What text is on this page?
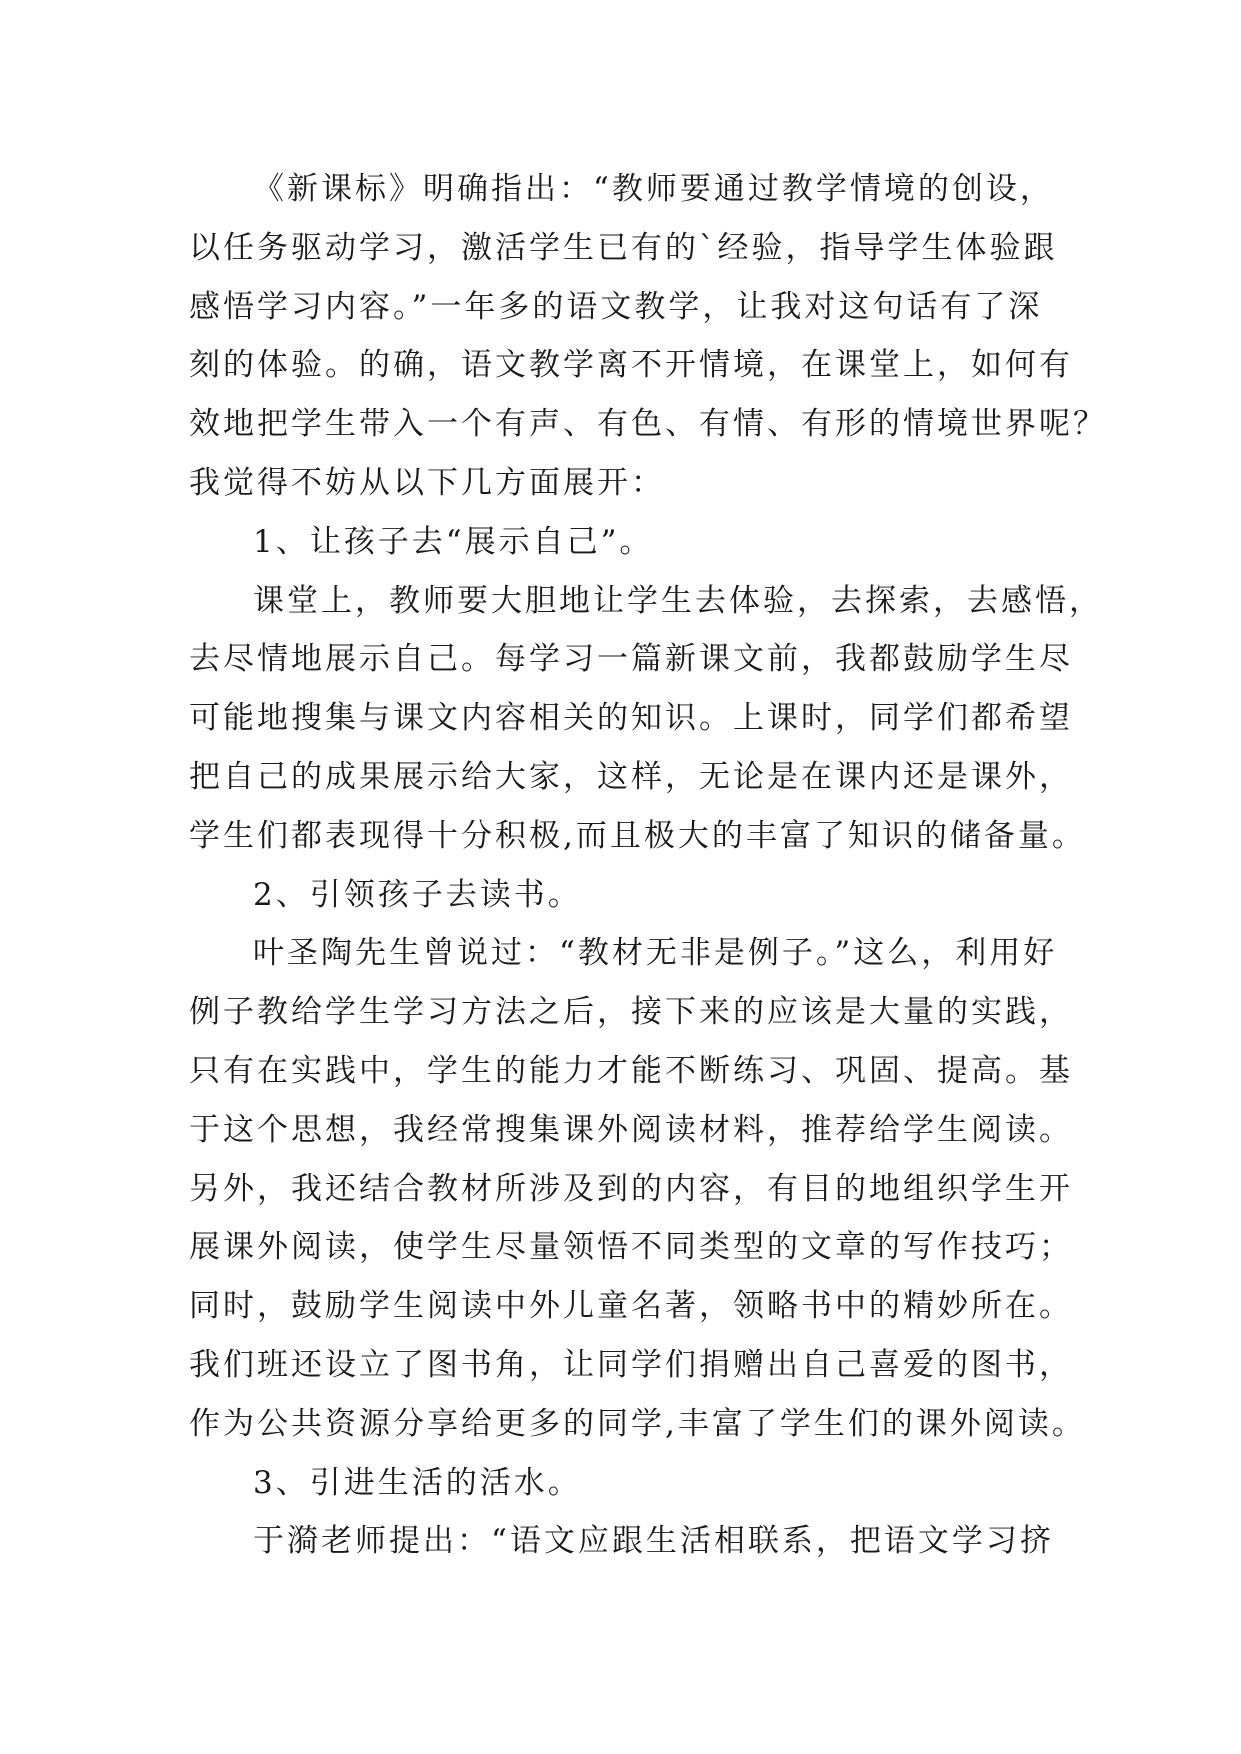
《新课标》明确指出：“教师要通过教学情境的创设，
以任务驱动学习，激活学生已有的`经验，指导学生体验跟
感悟学习内容。”一年多的语文教学，让我对这句话有了深
刻的体验。的确，语文教学离不开情境，在课堂上，如何有
效地把学生带入一个有声、有色、有情、有形的情境世界呢？
我觉得不妨从以下几方面展开：
1、让孩子去“展示自己”。
课堂上，教师要大胆地让学生去体验，去探索，去感悟，
去尽情地展示自己。每学习一篇新课文前，我都鼓励学生尽
可能地搜集与课文内容相关的知识。上课时，同学们都希望
把自己的成果展示给大家，这样，无论是在课内还是课外，
学生们都表现得十分积极,而且极大的丰富了知识的储备量。
2、引领孩子去读书。
叶圣陶先生曾说过：“教材无非是例子。”这么，利用好
例子教给学生学习方法之后，接下来的应该是大量的实践，
只有在实践中，学生的能力才能不断练习、巩固、提高。基
于这个思想，我经常搜集课外阅读材料，推荐给学生阅读。
另外，我还结合教材所涉及到的内容，有目的地组织学生开
展课外阅读，使学生尽量领悟不同类型的文章的写作技巧；
同时，鼓励学生阅读中外儿童名著，领略书中的精妙所在。
我们班还设立了图书角，让同学们捐赠出自己喜爱的图书，
作为公共资源分享给更多的同学,丰富了学生们的课外阅读。
3、引进生活的活水。
于漪老师提出：“语文应跟生活相联系，把语文学习挤
